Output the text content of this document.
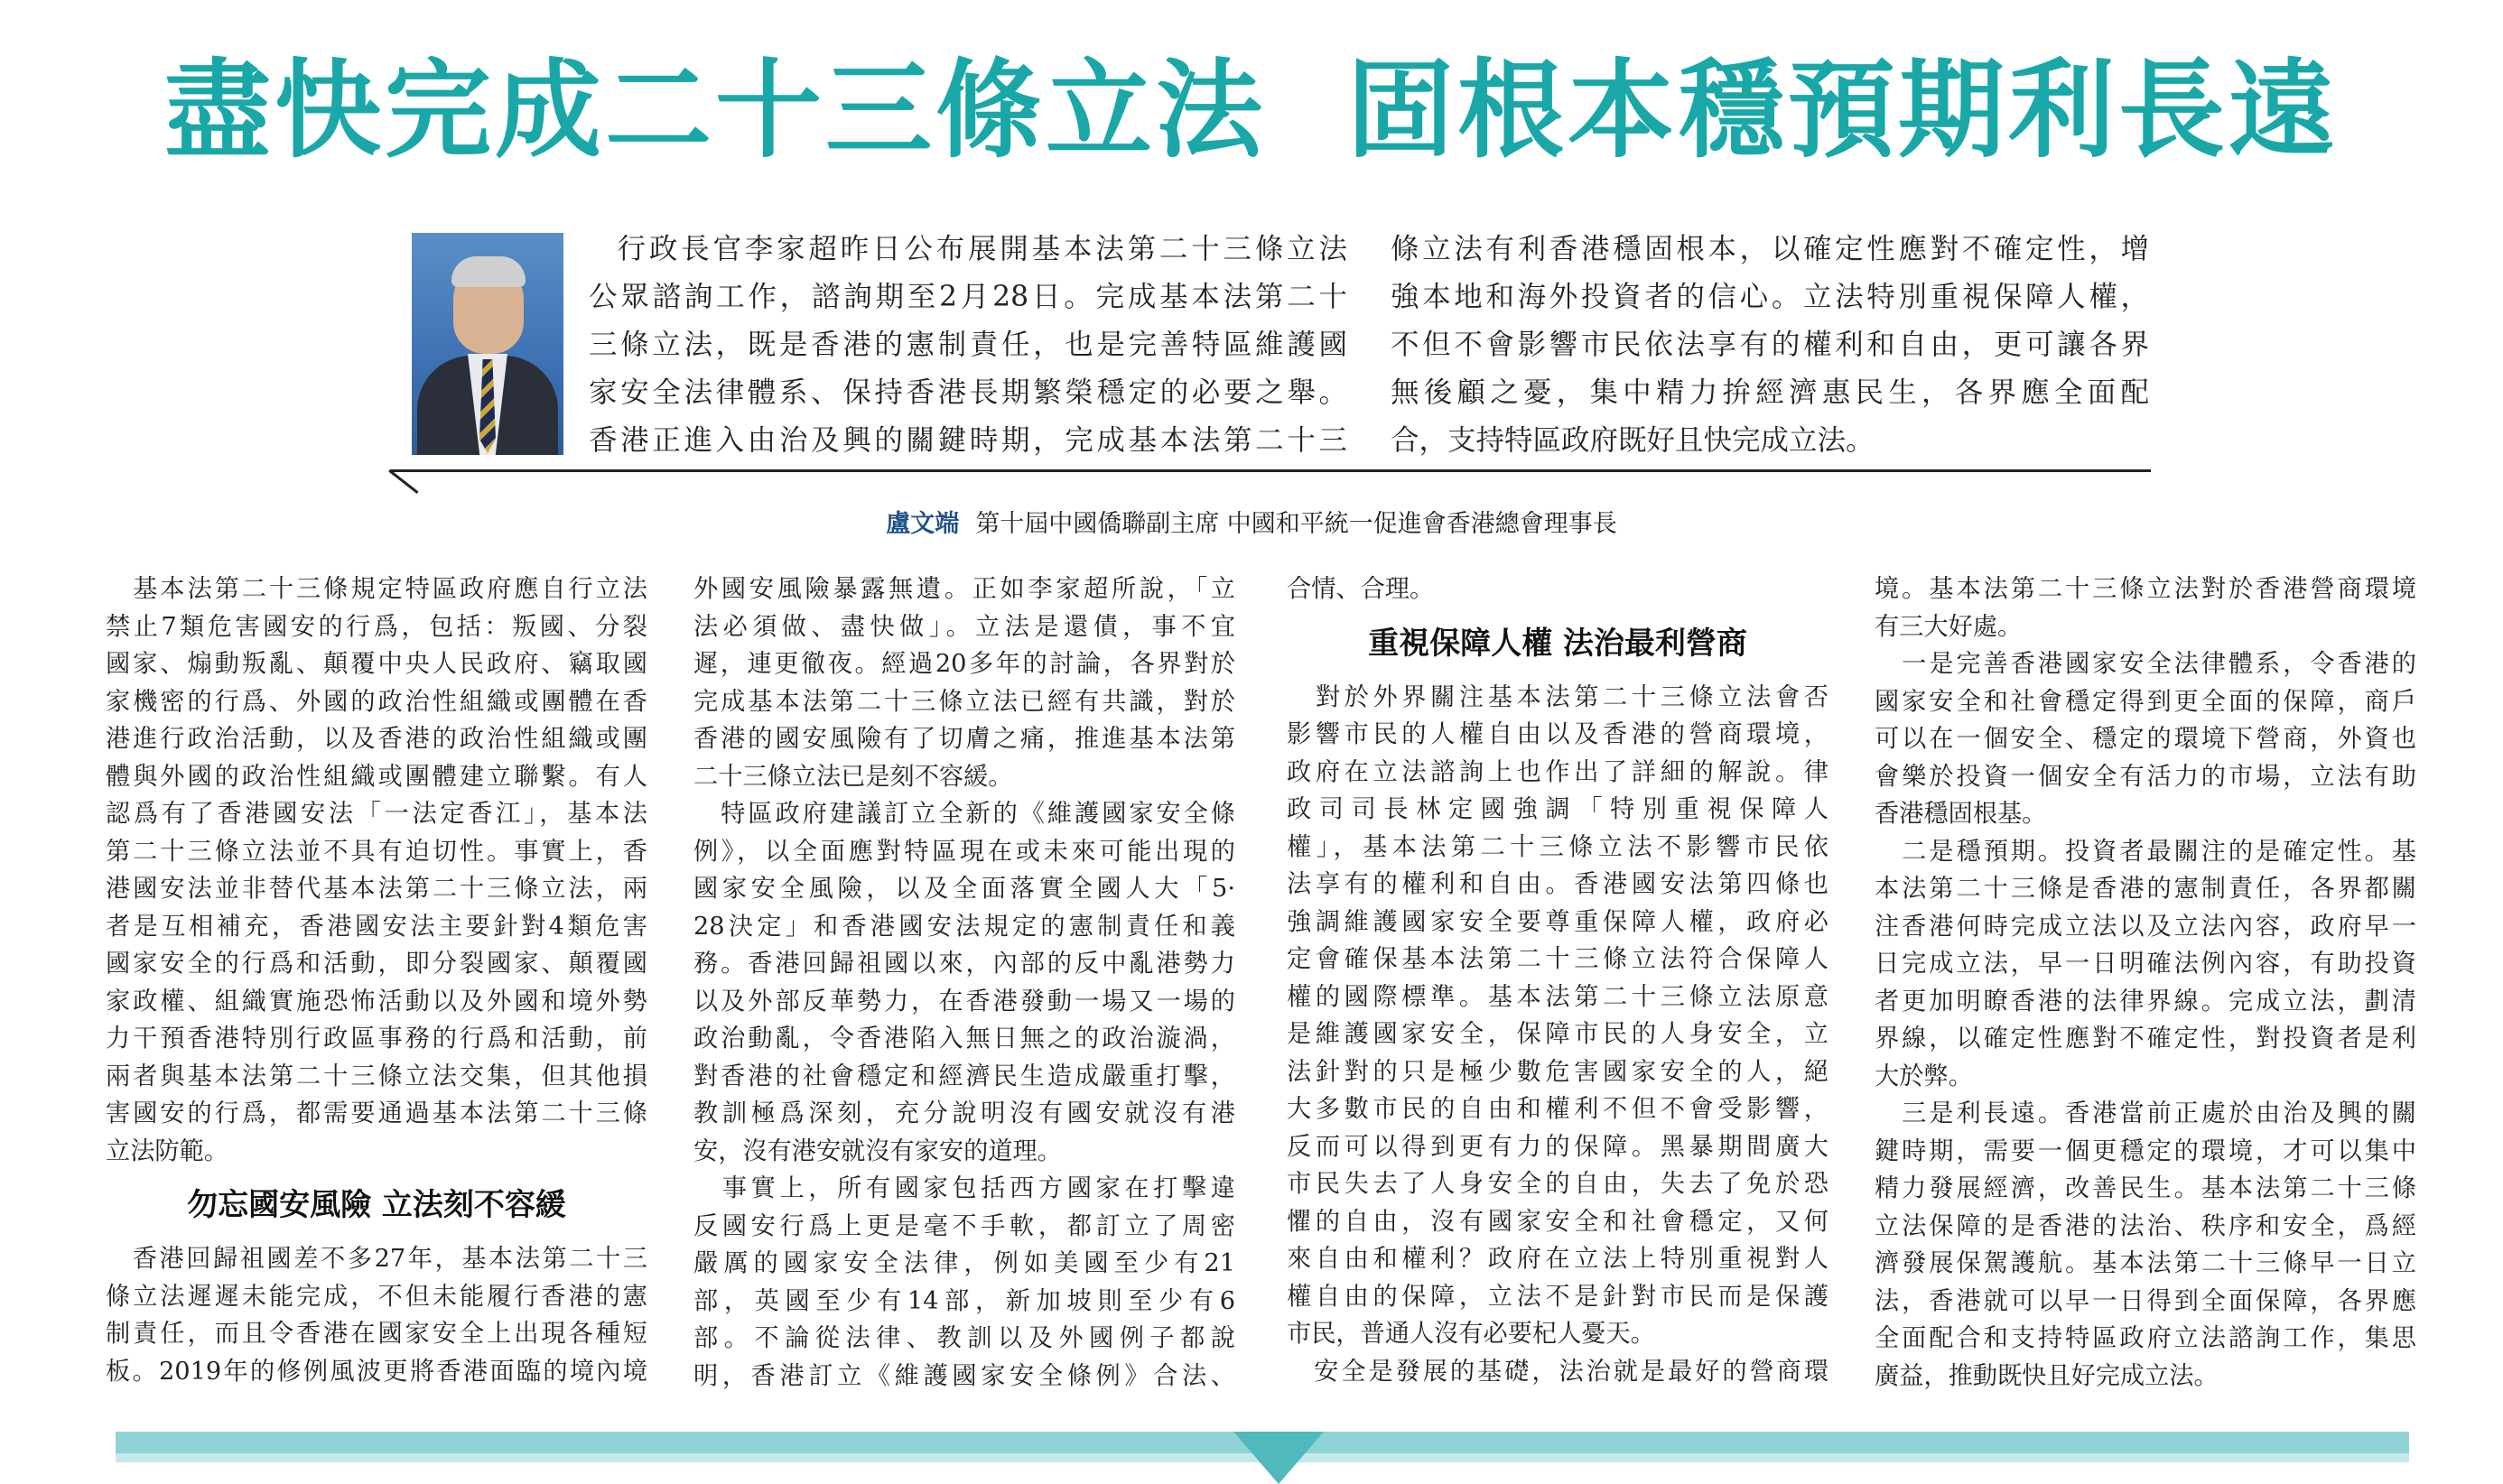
盡快完成二十三條立法 固根本穩預期利長遠
行政長官李家超昨日公布展開基本法第二十三條立法
公眾諮詢工作，諮詢期至2月28日。完成基本法第二十
三條立法，既是香港的憲制責任，也是完善特區維護國
家安全法律體系、保持香港長期繁榮穩定的必要之舉。
香港正進入由治及興的關鍵時期，完成基本法第二十三
條立法有利香港穩固根本，以確定性應對不確定性，增
強本地和海外投資者的信心。立法特別重視保障人權，
不但不會影響市民依法享有的權利和自由，更可讓各界
無後顧之憂，集中精力拚經濟惠民生，各界應全面配
合，支持特區政府既好且快完成立法。
盧文端 第十屆中國僑聯副主席 中國和平統一促進會香港總會理事長

　基本法第二十三條規定特區政府應自行立法

禁止7類危害國安的行爲，包括：叛國、分裂

國家、煽動叛亂、顛覆中央人民政府、竊取國

家機密的行爲、外國的政治性組織或團體在香

港進行政治活動，以及香港的政治性組織或團

體與外國的政治性組織或團體建立聯繫。有人

認爲有了香港國安法「一法定香江」，基本法

第二十三條立法並不具有迫切性。事實上，香

港國安法並非替代基本法第二十三條立法，兩

者是互相補充，香港國安法主要針對4類危害

國家安全的行爲和活動，即分裂國家、顛覆國

家政權、組織實施恐怖活動以及外國和境外勢

力干預香港特別行政區事務的行爲和活動，前

兩者與基本法第二十三條立法交集，但其他損

害國安的行爲，都需要通過基本法第二十三條

立法防範。

勿忘國安風險 立法刻不容緩

　香港回歸祖國差不多27年，基本法第二十三

條立法遲遲未能完成，不但未能履行香港的憲

制責任，而且令香港在國家安全上出現各種短

板。2019年的修例風波更將香港面臨的境內境

外國安風險暴露無遺。正如李家超所說，「立

法必須做、盡快做」。立法是還債，事不宜

遲，連更徹夜。經過20多年的討論，各界對於

完成基本法第二十三條立法已經有共識，對於

香港的國安風險有了切膚之痛，推進基本法第

二十三條立法已是刻不容緩。

　特區政府建議訂立全新的《維護國家安全條

例》，以全面應對特區現在或未來可能出現的

國家安全風險，以及全面落實全國人大「5·

28決定」和香港國安法規定的憲制責任和義

務。香港回歸祖國以來，內部的反中亂港勢力

以及外部反華勢力，在香港發動一場又一場的

政治動亂，令香港陷入無日無之的政治漩渦，

對香港的社會穩定和經濟民生造成嚴重打擊，

教訓極爲深刻，充分說明沒有國安就沒有港

安，沒有港安就沒有家安的道理。

　事實上，所有國家包括西方國家在打擊違

反國安行爲上更是毫不手軟，都訂立了周密

嚴厲的國家安全法律，例如美國至少有21

部，英國至少有14部，新加坡則至少有6

部。不論從法律、教訓以及外國例子都說

明，香港訂立《維護國家安全條例》合法、

合情、合理。

重視保障人權 法治最利營商

　對於外界關注基本法第二十三條立法會否

影響市民的人權自由以及香港的營商環境，

政府在立法諮詢上也作出了詳細的解說。律

政司司長林定國強調「特別重視保障人

權」，基本法第二十三條立法不影響市民依

法享有的權利和自由。香港國安法第四條也

強調維護國家安全要尊重保障人權，政府必

定會確保基本法第二十三條立法符合保障人

權的國際標準。基本法第二十三條立法原意

是維護國家安全，保障市民的人身安全，立

法針對的只是極少數危害國家安全的人，絕

大多數市民的自由和權利不但不會受影響，

反而可以得到更有力的保障。黑暴期間廣大

市民失去了人身安全的自由，失去了免於恐

懼的自由，沒有國家安全和社會穩定，又何

來自由和權利？政府在立法上特別重視對人

權自由的保障，立法不是針對市民而是保護

市民，普通人沒有必要杞人憂天。

　安全是發展的基礎，法治就是最好的營商環

境。基本法第二十三條立法對於香港營商環境

有三大好處。

　一是完善香港國家安全法律體系，令香港的

國家安全和社會穩定得到更全面的保障，商戶

可以在一個安全、穩定的環境下營商，外資也

會樂於投資一個安全有活力的市場，立法有助

香港穩固根基。

　二是穩預期。投資者最關注的是確定性。基

本法第二十三條是香港的憲制責任，各界都關

注香港何時完成立法以及立法內容，政府早一

日完成立法，早一日明確法例內容，有助投資

者更加明瞭香港的法律界線。完成立法，劃清

界線，以確定性應對不確定性，對投資者是利

大於弊。

　三是利長遠。香港當前正處於由治及興的關

鍵時期，需要一個更穩定的環境，才可以集中

精力發展經濟，改善民生。基本法第二十三條

立法保障的是香港的法治、秩序和安全，爲經

濟發展保駕護航。基本法第二十三條早一日立

法，香港就可以早一日得到全面保障，各界應

全面配合和支持特區政府立法諮詢工作，集思

廣益，推動既快且好完成立法。
